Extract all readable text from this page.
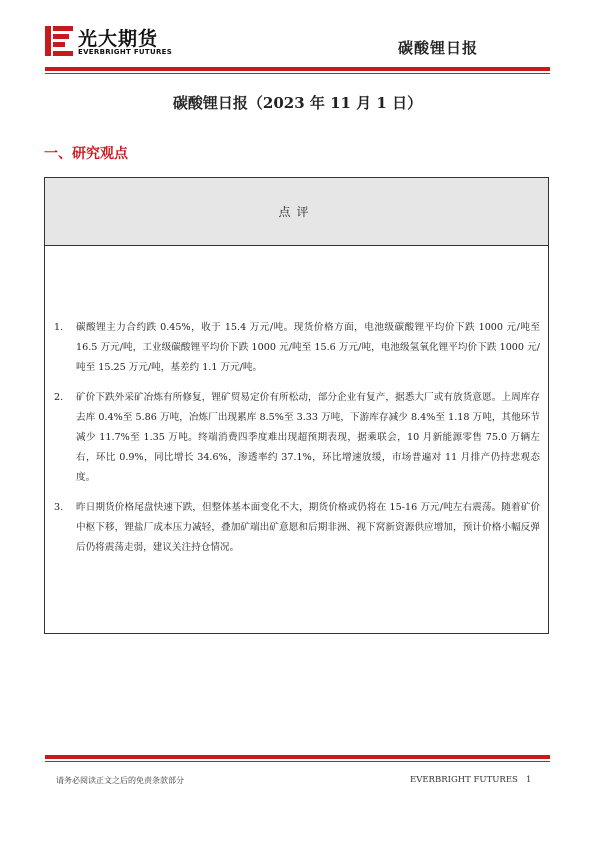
光大期货
EVERBRIGHT FUTURES	碳酸锂日报
碳酸锂日报（2023 年 11 月 1 日）
一、研究观点
点评
1. 碳酸锂主力合约跌 0.45%，收于 15.4 万元/吨。现货价格方面，电池级碳酸锂平均价下跌 1000 元/吨至 16.5 万元/吨，工业级碳酸锂平均价下跌 1000 元/吨至 15.6 万元/吨，电池级氢氧化锂平均价下跌 1000 元/吨至 15.25 万元/吨，基差约 1.1 万元/吨。
2. 矿价下跌外采矿冶炼有所修复，锂矿贸易定价有所松动，部分企业有复产，据悉大厂或有放货意愿。上周库存去库 0.4%至 5.86 万吨，冶炼厂出现累库 8.5%至 3.33 万吨，下游库存减少 8.4%至 1.18 万吨，其他环节减少 11.7%至 1.35 万吨。终端消费四季度难出现超预期表现，据乘联会，10 月新能源零售 75.0 万辆左右，环比 0.9%，同比增长 34.6%，渗透率约 37.1%，环比增速放缓，市场普遍对 11 月排产仍持悲观态度。
3. 昨日期货价格尾盘快速下跌，但整体基本面变化不大，期货价格或仍将在 15-16 万元/吨左右震荡。随着矿价中枢下移，锂盐厂成本压力减轻，叠加矿端出矿意愿和后期非洲、视下窝新资源供应增加，预计价格小幅反弹后仍将震荡走弱，建议关注持仓情况。
请务必阅读正文之后的免责条款部分	EVERBRIGHT FUTURES 1
